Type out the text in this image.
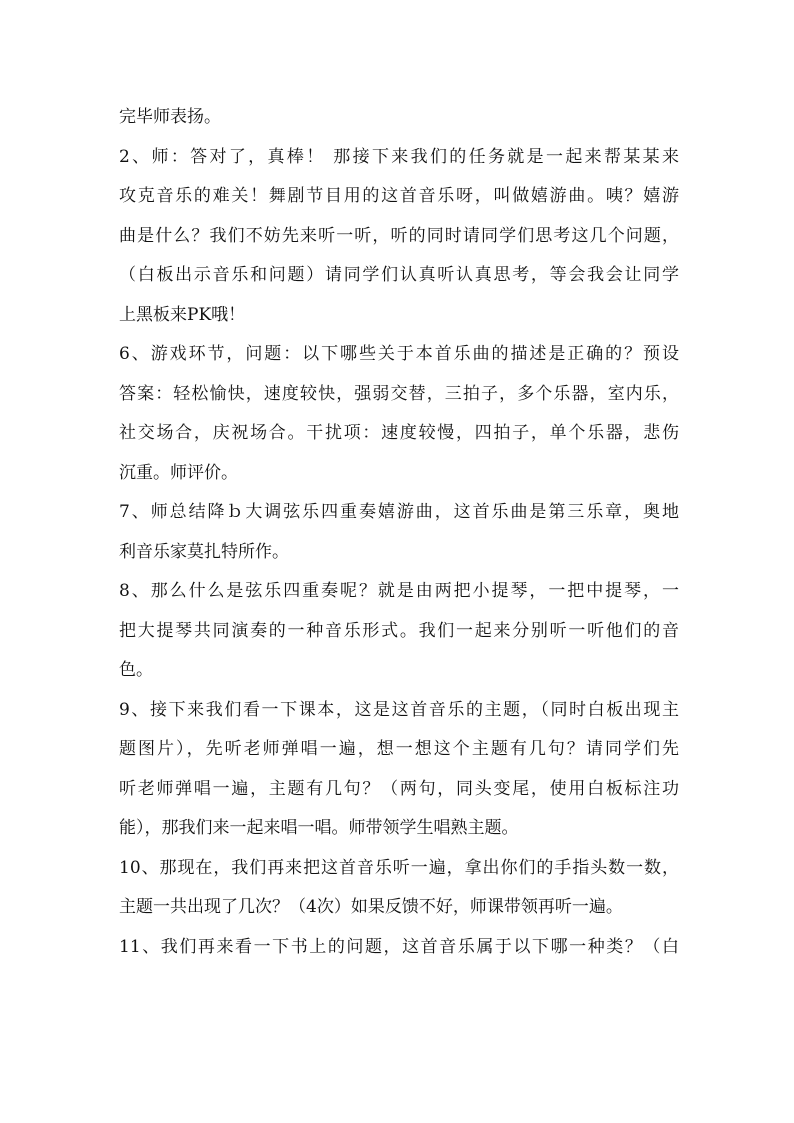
完毕师表扬。
2、师：答对了，真棒！ 那接下来我们的任务就是一起来帮某某来
攻克音乐的难关！舞剧节目用的这首音乐呀，叫做嬉游曲。咦？嬉游
曲是什么？我们不妨先来听一听，听的同时请同学们思考这几个问题，
（白板出示音乐和问题）请同学们认真听认真思考，等会我会让同学
上黑板来PK哦！
6、游戏环节，问题：以下哪些关于本首乐曲的描述是正确的？预设
答案：轻松愉快，速度较快，强弱交替，三拍子，多个乐器，室内乐，
社交场合，庆祝场合。干扰项：速度较慢，四拍子，单个乐器，悲伤
沉重。师评价。
7、师总结降ｂ大调弦乐四重奏嬉游曲，这首乐曲是第三乐章，奥地
利音乐家莫扎特所作。
8、那么什么是弦乐四重奏呢？就是由两把小提琴，一把中提琴，一
把大提琴共同演奏的一种音乐形式。我们一起来分别听一听他们的音
色。
9、接下来我们看一下课本，这是这首音乐的主题，（同时白板出现主
题图片），先听老师弹唱一遍，想一想这个主题有几句？请同学们先
听老师弹唱一遍，主题有几句？（两句，同头变尾，使用白板标注功
能），那我们来一起来唱一唱。师带领学生唱熟主题。
10、那现在，我们再来把这首音乐听一遍，拿出你们的手指头数一数，
主题一共出现了几次？（4次）如果反馈不好，师课带领再听一遍。
11、我们再来看一下书上的问题，这首音乐属于以下哪一种类？（白
